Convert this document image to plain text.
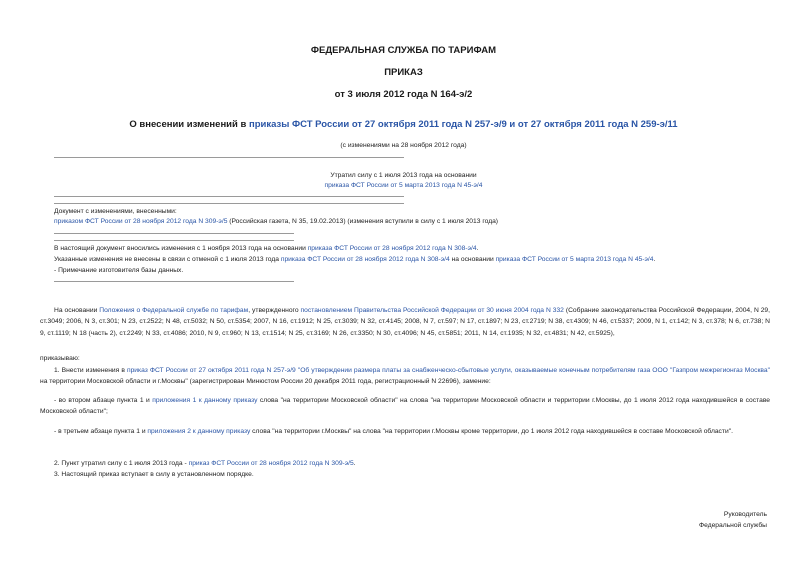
ФЕДЕРАЛЬНАЯ СЛУЖБА ПО ТАРИФАМ
ПРИКАЗ
от 3 июля 2012 года N 164-э/2
О внесении изменений в приказы ФСТ России от 27 октября 2011 года N 257-э/9 и от 27 октября 2011 года N 259-э/11
(с изменениями на 28 ноября 2012 года)
Утратил силу с 1 июля 2013 года на основании
приказа ФСТ России от 5 марта 2013 года N 45-э/4
Документ с изменениями, внесенными:
приказом ФСТ России от 28 ноября 2012 года N 309-э/5 (Российская газета, N 35, 19.02.2013) (изменения вступили в силу с 1 июля 2013 года)
В настоящий документ вносились изменения с 1 ноября 2013 года на основании приказа ФСТ России от 28 ноября 2012 года N 308-э/4.
Указанные изменения не внесены в связи с отменой с 1 июля 2013 года приказа ФСТ России от 28 ноября 2012 года N 308-э/4 на основании приказа ФСТ России от 5 марта 2013 года N 45-э/4.
- Примечание изготовителя базы данных.
На основании Положения о Федеральной службе по тарифам, утвержденного постановлением Правительства Российской Федерации от 30 июня 2004 года N 332 (Собрание законодательства Российской Федерации, 2004, N 29, ст.3049; 2006, N 3, ст.301; N 23, ст.2522; N 48, ст.5032; N 50, ст.5354; 2007, N 16, ст.1912; N 25, ст.3039; N 32, ст.4145; 2008, N 7, ст.597; N 17, ст.1897; N 23, ст.2719; N 38, ст.4309; N 46, ст.5337; 2009, N 1, ст.142; N 3, ст.378; N 6, ст.738; N 9, ст.1119; N 18 (часть 2), ст.2249; N 33, ст.4086; 2010, N 9, ст.960; N 13, ст.1514; N 25, ст.3169; N 26, ст.3350; N 30, ст.4096; N 45, ст.5851; 2011, N 14, ст.1935; N 32, ст.4831; N 42, ст.5925),
приказываю:
1. Внести изменения в приказ ФСТ России от 27 октября 2011 года N 257-э/9 "Об утверждении размера платы за снабженческо-сбытовые услуги, оказываемые конечным потребителям газа ООО "Газпром межрегионгаз Москва" на территории Московской области и г.Москвы" (зарегистрирован Минюстом России 20 декабря 2011 года, регистрационный N 22696), замение:
- во втором абзаце пункта 1 и приложения 1 к данному приказу слова "на территории Московской области" на слова "на территории Московской области и территории г.Москвы, до 1 июля 2012 года находившейся в составе Московской области";
- в третьем абзаце пункта 1 и приложения 2 к данному приказу слова "на территории г.Москвы" на слова "на территории г.Москвы кроме территории, до 1 июля 2012 года находившейся в составе Московской области".
2. Пункт утратил силу с 1 июля 2013 года - приказ ФСТ России от 28 ноября 2012 года N 309-э/5.
3. Настоящий приказ вступает в силу в установленном порядке.
Руководитель
Федеральной службы
